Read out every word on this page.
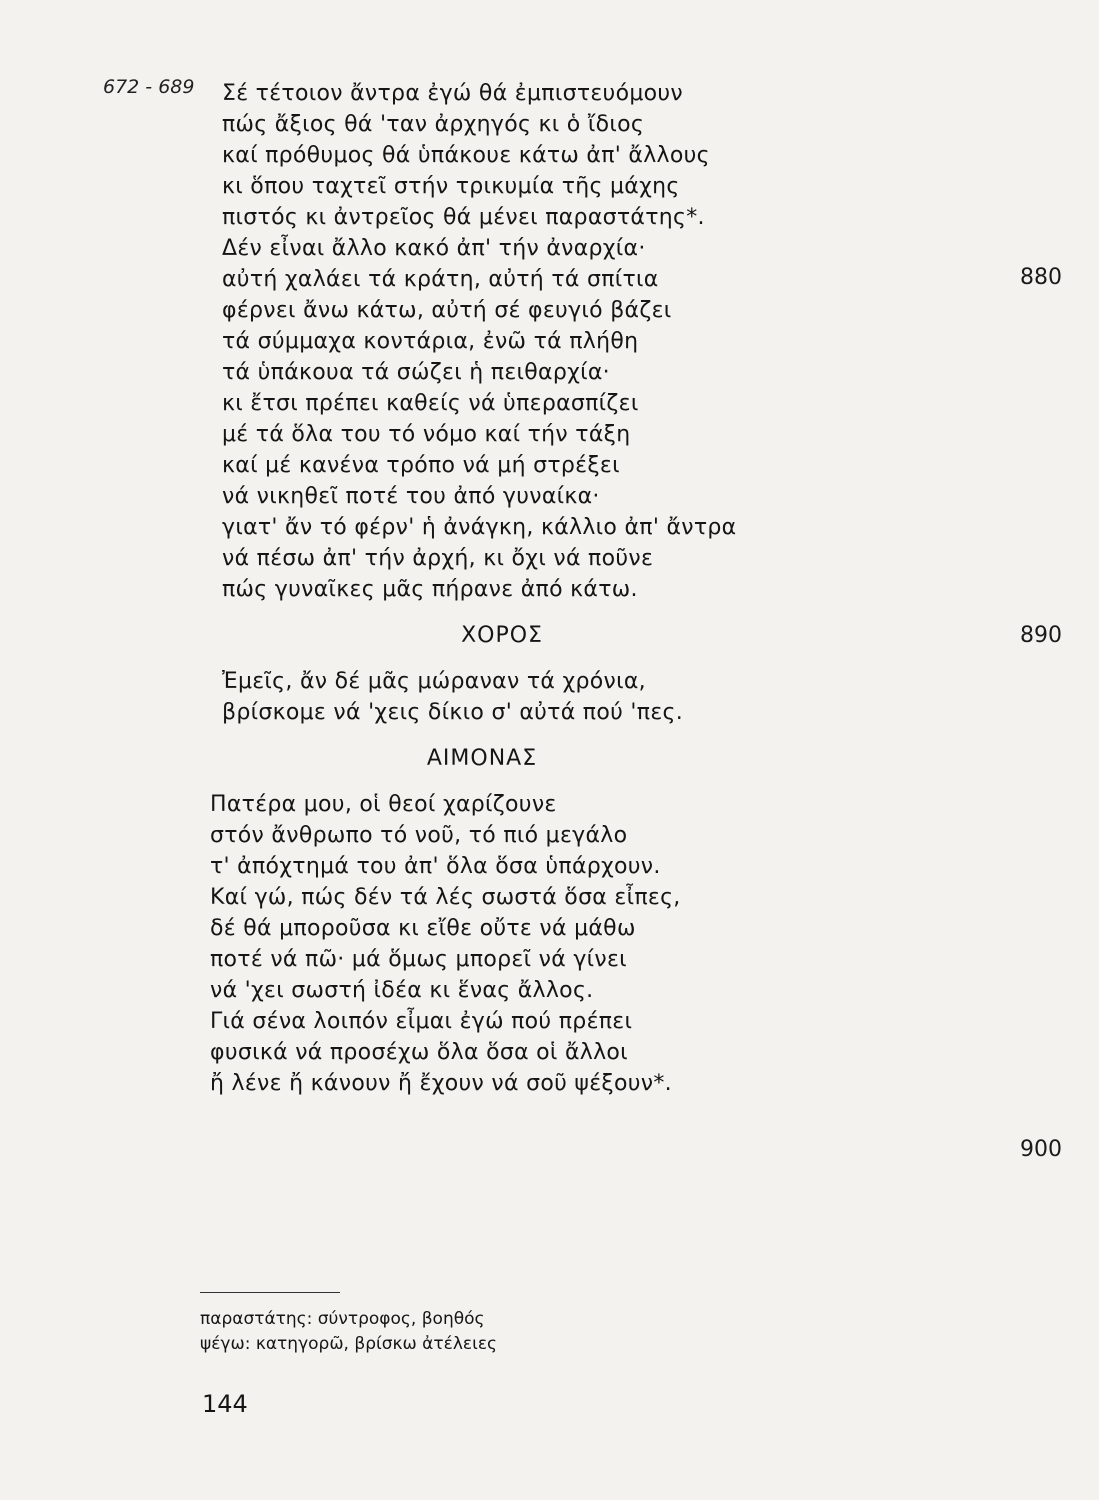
672 - 689 Σέ τέτοιον ἄντρα ἐγώ θά ἐμπιστευόμουν
πώς ἄξιος θά 'ταν ἀρχηγός κι ὁ ἴδιος
καί πρόθυμος θά ὑπάκουε κάτω ἀπ' ἄλλους
κι ὅπου ταχτεῖ στήν τρικυμία τῆς μάχης
πιστός κι ἀντρεῖος θά μένει παραστάτης*.
Δέν εἶναι ἄλλο κακό ἀπ' τήν ἀναρχία·
αὐτή χαλάει τά κράτη, αὐτή τά σπίτια
φέρνει ἄνω κάτω, αὐτή σέ φευγιό βάζει
τά σύμμαχα κοντάρια, ἐνῶ τά πλήθη
τά ὑπάκουα τά σώζει ἡ πειθαρχία·
κι ἔτσι πρέπει καθείς νά ὑπερασπίζει
μέ τά ὅλα του τό νόμο καί τήν τάξη
καί μέ κανένα τρόπο νά μή στρέξει
νά νικηθεῖ ποτέ του ἀπό γυναίκα·
γιατ' ἄν τό φέρν' ἡ ἀνάγκη, κάλλιο ἀπ' ἄντρα
νά πέσω ἀπ' τήν ἀρχή, κι ὄχι νά ποῦνε
πώς γυναῖκες μᾶς πήρανε ἀπό κάτω.
ΧΟΡΟΣ
Ἐμεῖς, ἄν δέ μᾶς μώραναν τά χρόνια,
βρίσκομε νά 'χεις δίκιο σ' αὐτά πού 'πες.
ΑΙΜΟΝΑΣ
Πατέρα μου, οἱ θεοί χαρίζουνε
στόν ἄνθρωπο τό νοῦ, τό πιό μεγάλο
τ' ἀπόχτημά του ἀπ' ὅλα ὅσα ὑπάρχουν.
Καί γώ, πώς δέν τά λές σωστά ὅσα εἶπες,
δέ θά μποροῦσα κι εἴθε οὔτε νά μάθω
ποτέ νά πῶ· μά ὅμως μπορεῖ νά γίνει
νά 'χει σωστή ἰδέα κι ἕνας ἄλλος.
Γιά σένα λοιπόν εἶμαι ἐγώ πού πρέπει
φυσικά νά προσέχω ὅλα ὅσα οἱ ἄλλοι
ἤ λένε ἤ κάνουν ἤ ἔχουν νά σοῦ ψέξουν*.
880
890
900
παραστάτης: σύντροφος, βοηθός
ψέγω: κατηγορῶ, βρίσκω ἀτέλειες
144
